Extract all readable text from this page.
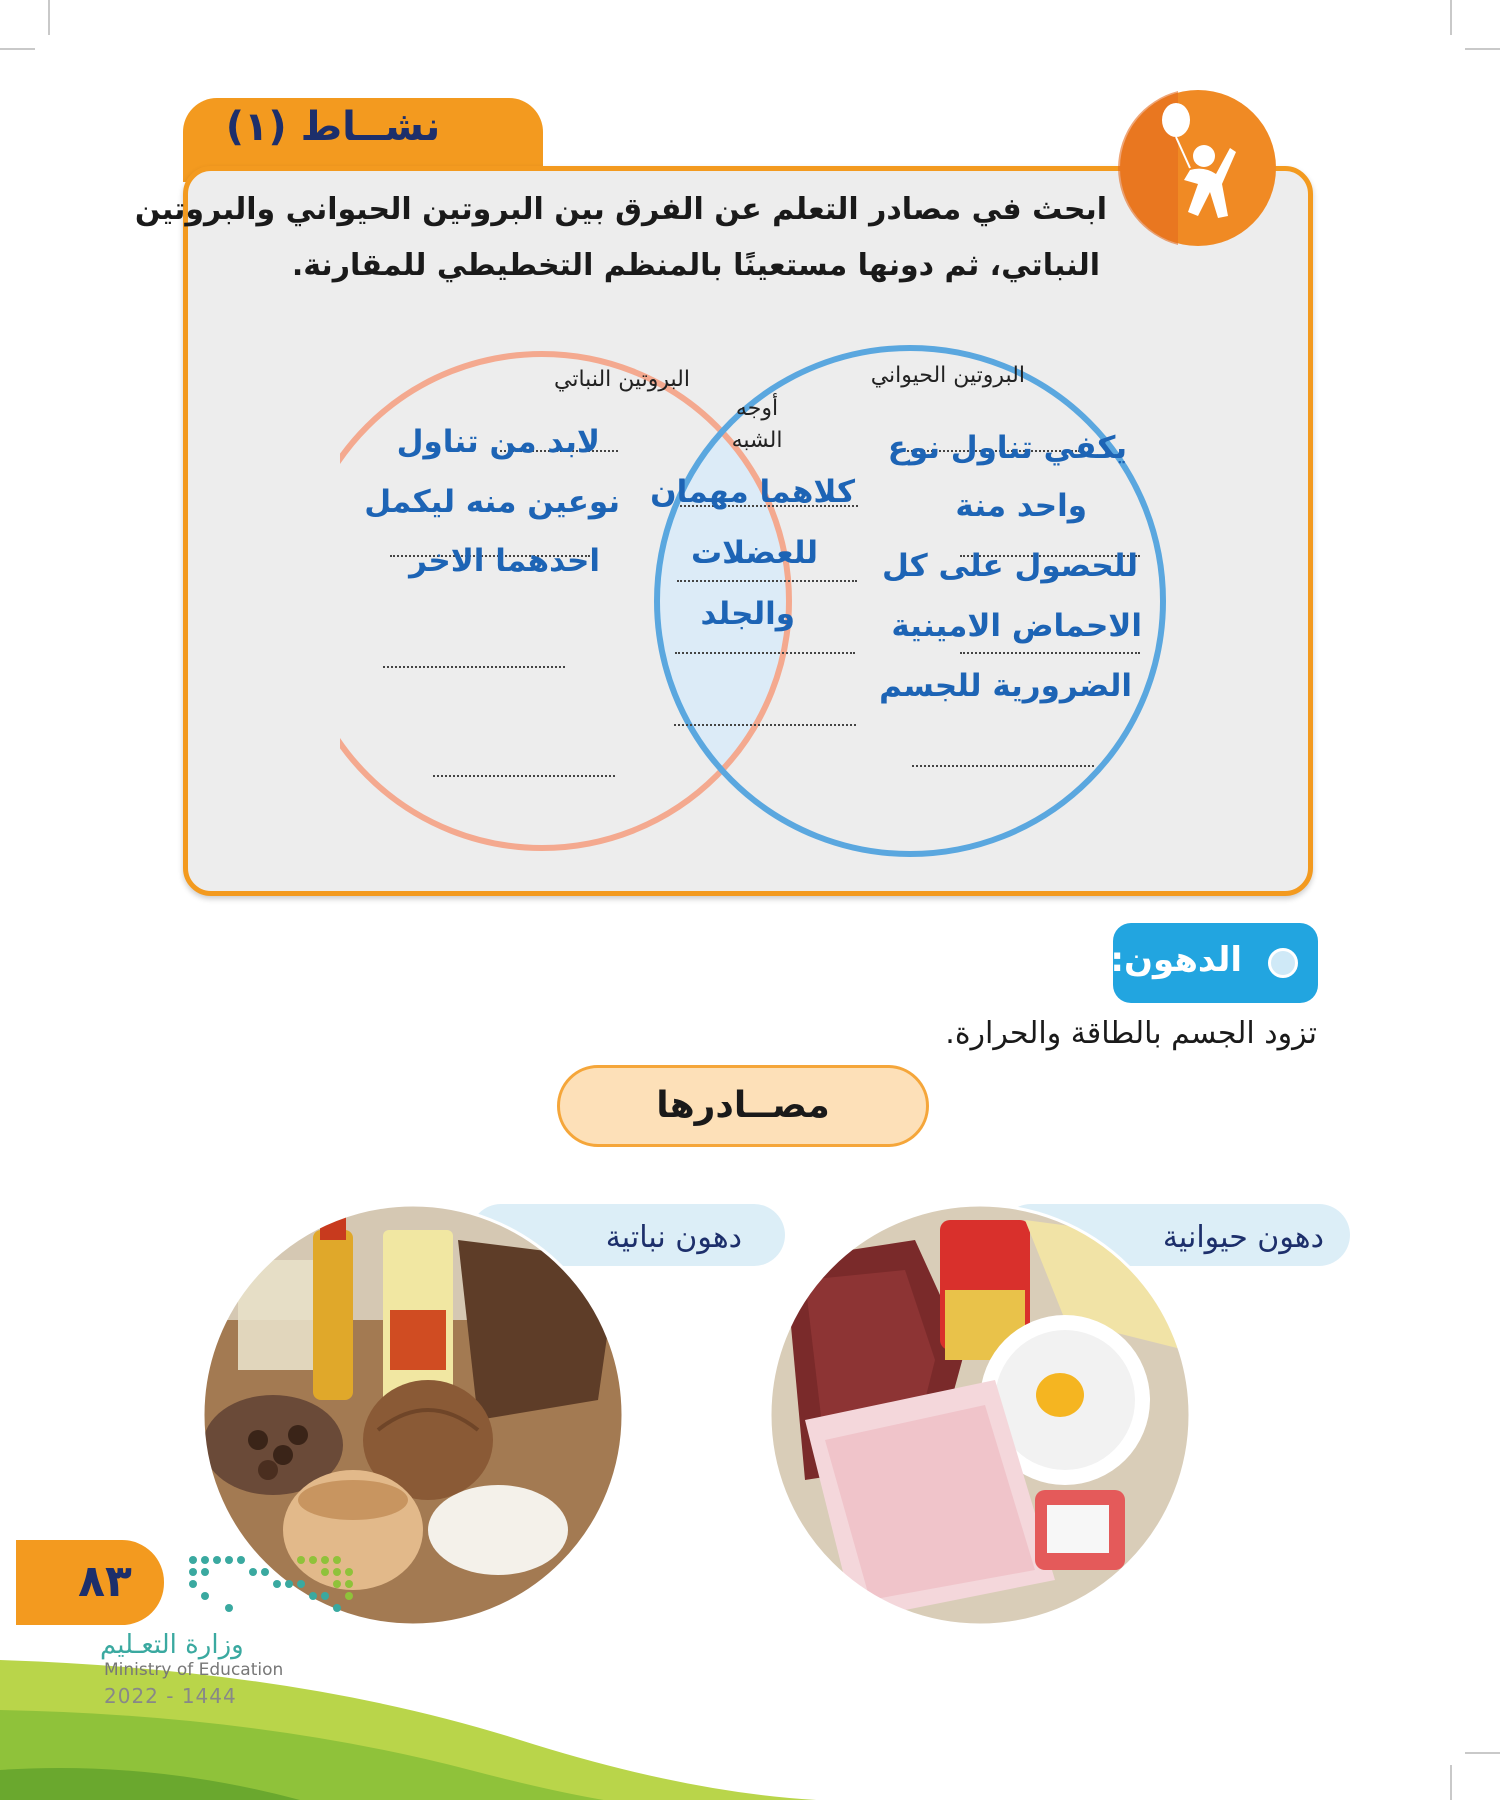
نشــاط (١)
ابحث في مصادر التعلم عن الفرق بين البروتين الحيواني والبروتين
النباتي، ثم دونها مستعينًا بالمنظم التخطيطي للمقارنة.
البروتين النباتي	البروتين الحيواني
أوجه
الشبه
لابد من تناول
نوعين منه ليكمل
احدهما الاخر
كلاهما مهمان
للعضلات
والجلد
يكفي تناول نوع
واحد منة
للحصول على كل
الاحماض الامينية
الضرورية للجسم
الدهون:
تزود الجسم بالطاقة والحرارة.
مصــادرها
دهون حيوانية
دهون نباتية
٨٣
وزارة التعـليم
Ministry of Education
2022 - 1444
